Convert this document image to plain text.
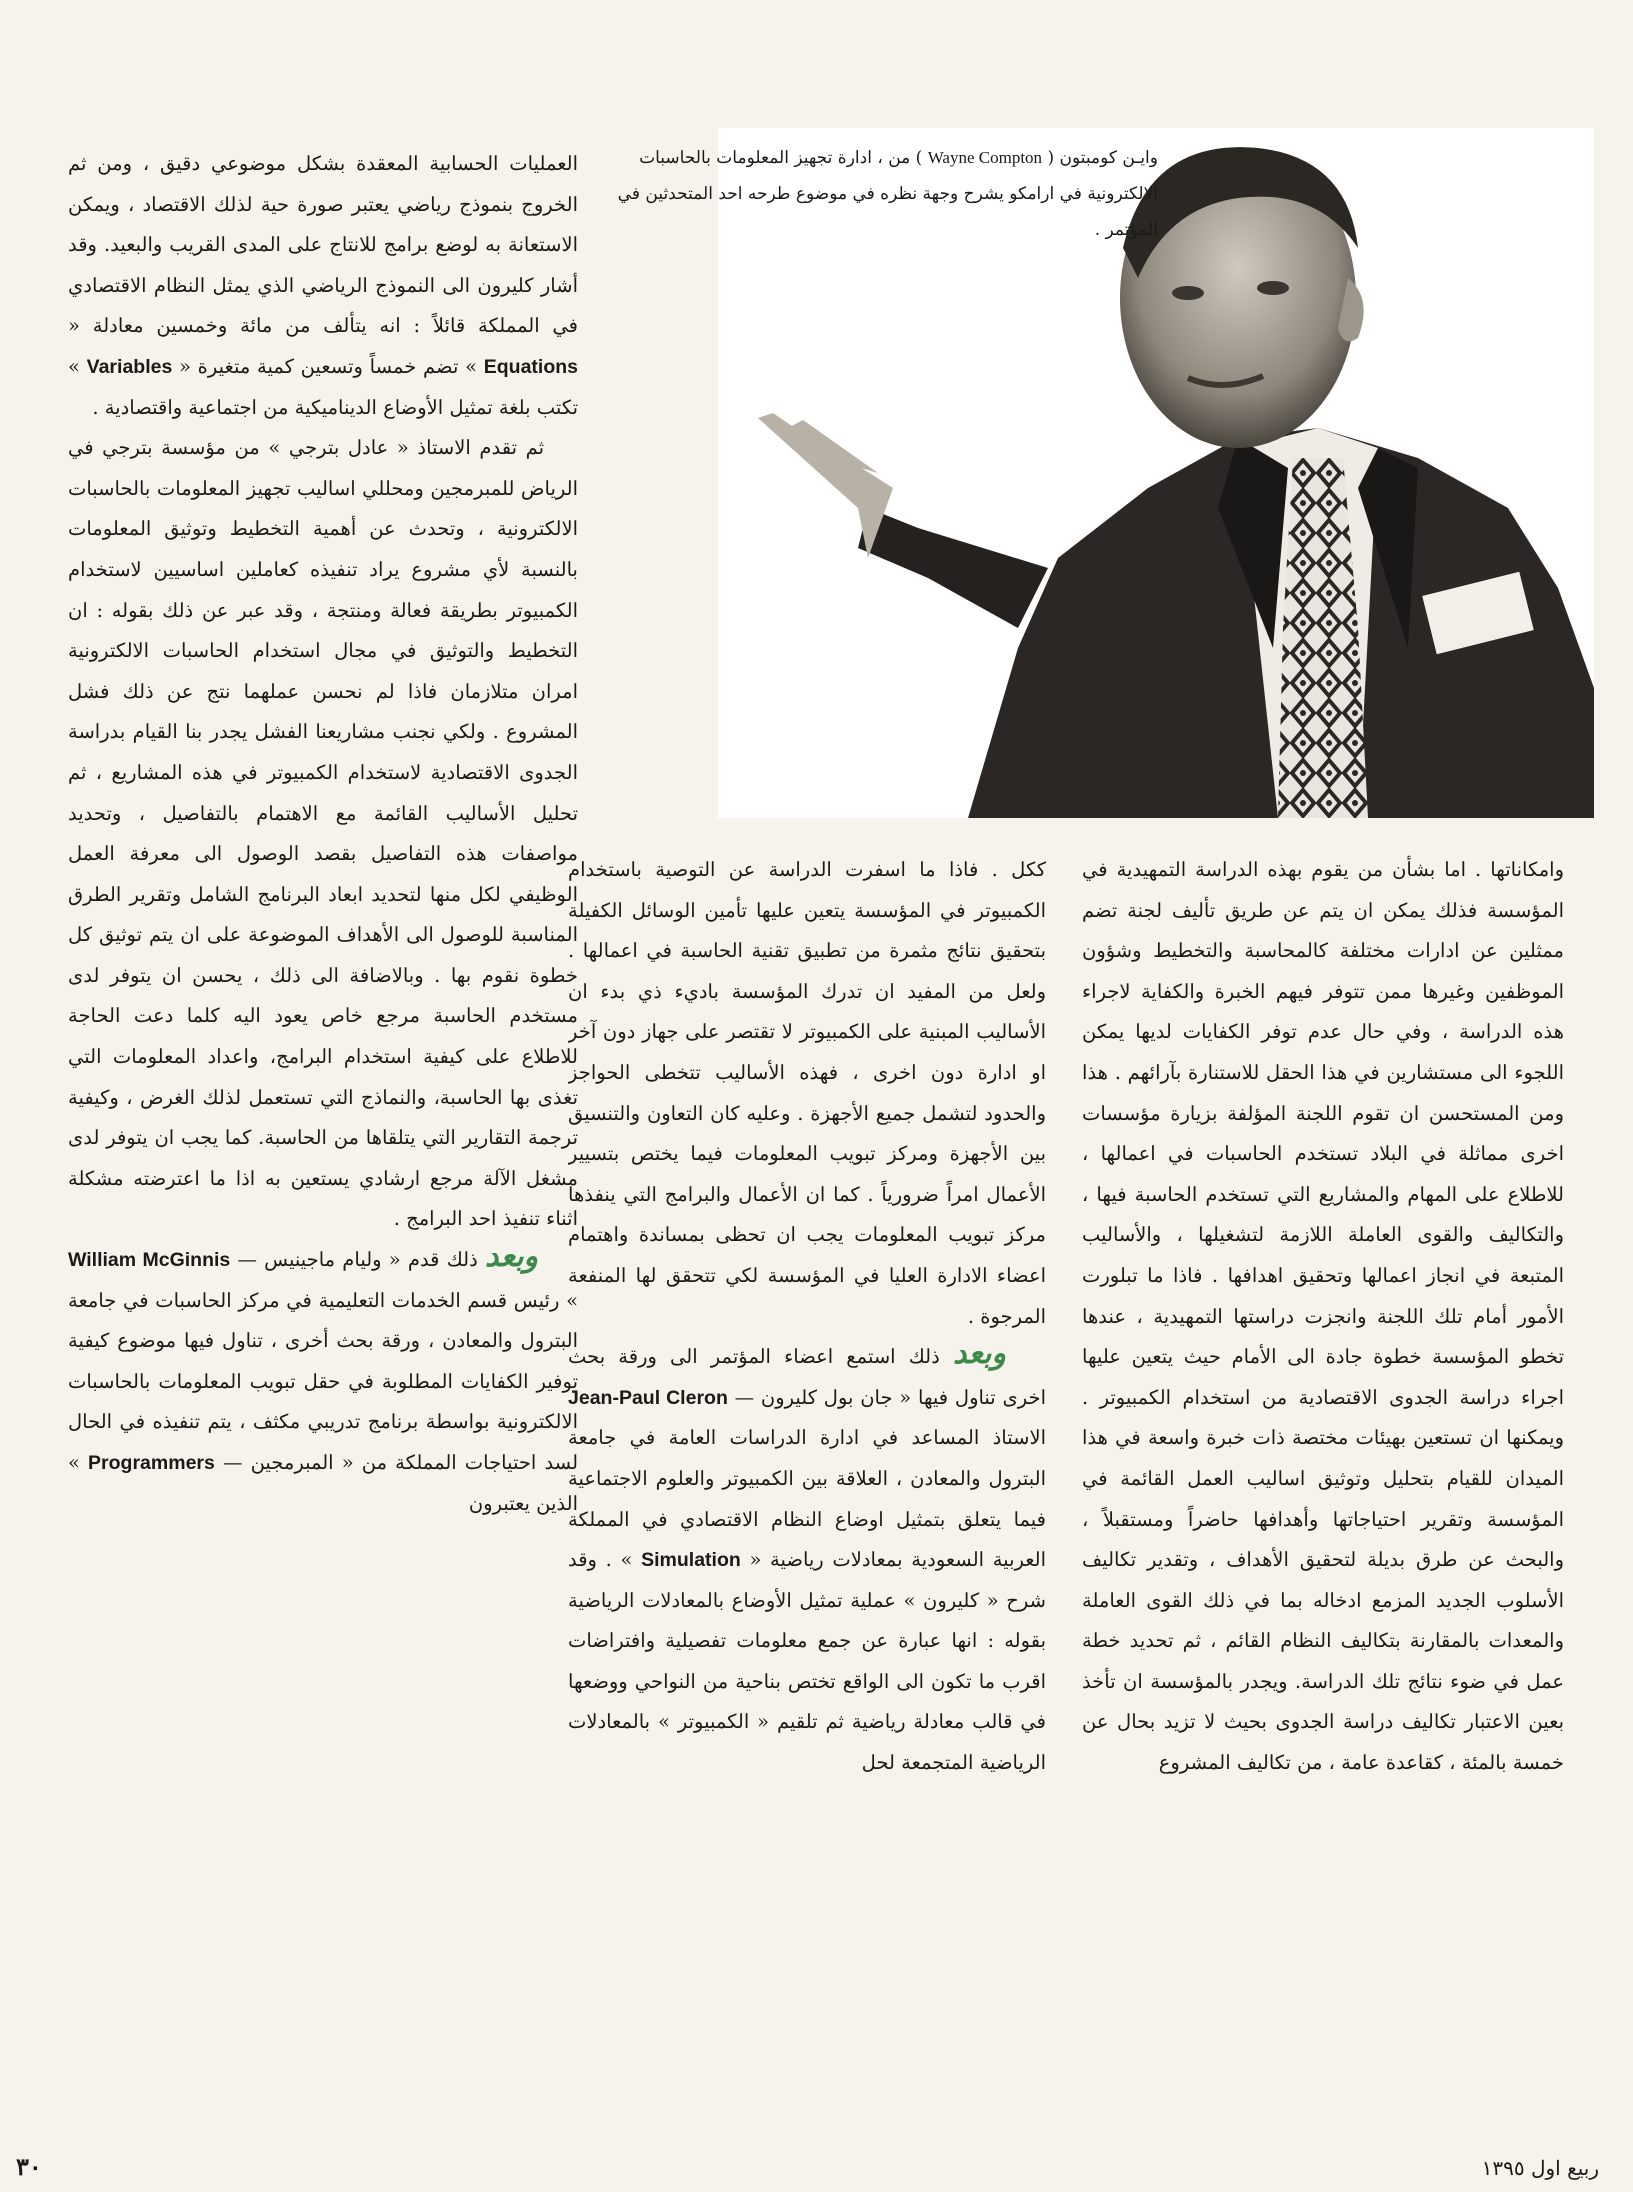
وايـن كومبتون ( Wayne Compton ) من ، ادارة تجهيز المعلومات بالحاسبات الالكترونية في ارامكو يشرح وجهة نظره في موضوع طرحه احد المتحدثين في المؤتمر .

العمليات الحسابية المعقدة بشكل موضوعي دقيق ، ومن ثم الخروج بنموذج رياضي يعتبر صورة حية لذلك الاقتصاد ، ويمكن الاستعانة به لوضع برامج للانتاج على المدى القريب والبعيد. وقد أشار كليرون الى النموذج الرياضي الذي يمثل النظام الاقتصادي في المملكة قائلاً : انه يتألف من مائة وخمسين معادلة « Equations » تضم خمساً وتسعين كمية متغيرة « Variables » تكتب بلغة تمثيل الأوضاع الديناميكية من اجتماعية واقتصادية .

ثم تقدم الاستاذ « عادل بترجي » من مؤسسة بترجي في الرياض للمبرمجين ومحللي اساليب تجهيز المعلومات بالحاسبات الالكترونية ، وتحدث عن أهمية التخطيط وتوثيق المعلومات بالنسبة لأي مشروع يراد تنفيذه كعاملين اساسيين لاستخدام الكمبيوتر بطريقة فعالة ومنتجة ، وقد عبر عن ذلك بقوله : ان التخطيط والتوثيق في مجال استخدام الحاسبات الالكترونية امران متلازمان فاذا لم نحسن عملهما نتج عن ذلك فشل المشروع . ولكي نجنب مشاريعنا الفشل يجدر بنا القيام بدراسة الجدوى الاقتصادية لاستخدام الكمبيوتر في هذه المشاريع ، ثم تحليل الأساليب القائمة مع الاهتمام بالتفاصيل ، وتحديد مواصفات هذه التفاصيل بقصد الوصول الى معرفة العمل الوظيفي لكل منها لتحديد ابعاد البرنامج الشامل وتقرير الطرق المناسبة للوصول الى الأهداف الموضوعة على ان يتم توثيق كل خطوة نقوم بها . وبالاضافة الى ذلك ، يحسن ان يتوفر لدى مستخدم الحاسبة مرجع خاص يعود اليه كلما دعت الحاجة للاطلاع على كيفية استخدام البرامج، واعداد المعلومات التي تغذى بها الحاسبة، والنماذج التي تستعمل لذلك الغرض ، وكيفية ترجمة التقارير التي يتلقاها من الحاسبة. كما يجب ان يتوفر لدى مشغل الآلة مرجع ارشادي يستعين به اذا ما اعترضته مشكلة اثناء تنفيذ احد البرامج .

وبعد ذلك قدم « وليام ماجينيس — William McGinnis » رئيس قسم الخدمات التعليمية في مركز الحاسبات في جامعة البترول والمعادن ، ورقة بحث أخرى ، تناول فيها موضوع كيفية توفير الكفايات المطلوبة في حقل تبويب المعلومات بالحاسبات الالكترونية بواسطة برنامج تدريبي مكثف ، يتم تنفيذه في الحال لسد احتياجات المملكة من « المبرمجين — Programmers » الذين يعتبرون

ككل . فاذا ما اسفرت الدراسة عن التوصية باستخدام الكمبيوتر في المؤسسة يتعين عليها تأمين الوسائل الكفيلة بتحقيق نتائج مثمرة من تطبيق تقنية الحاسبة في اعمالها . ولعل من المفيد ان تدرك المؤسسة باديء ذي بدء ان الأساليب المبنية على الكمبيوتر لا تقتصر على جهاز دون آخر او ادارة دون اخرى ، فهذه الأساليب تتخطى الحواجز والحدود لتشمل جميع الأجهزة . وعليه كان التعاون والتنسيق بين الأجهزة ومركز تبويب المعلومات فيما يختص بتسيير الأعمال امراً ضرورياً . كما ان الأعمال والبرامج التي ينفذها مركز تبويب المعلومات يجب ان تحظى بمساندة واهتمام اعضاء الادارة العليا في المؤسسة لكي تتحقق لها المنفعة المرجوة .

وبعد ذلك استمع اعضاء المؤتمر الى ورقة بحث اخرى تناول فيها « جان بول كليرون — Jean-Paul Cleron الاستاذ المساعد في ادارة الدراسات العامة في جامعة البترول والمعادن ، العلاقة بين الكمبيوتر والعلوم الاجتماعية فيما يتعلق بتمثيل اوضاع النظام الاقتصادي في المملكة العربية السعودية بمعادلات رياضية « Simulation » . وقد شرح « كليرون » عملية تمثيل الأوضاع بالمعادلات الرياضية بقوله : انها عبارة عن جمع معلومات تفصيلية وافتراضات اقرب ما تكون الى الواقع تختص بناحية من النواحي ووضعها في قالب معادلة رياضية ثم تلقيم « الكمبيوتر » بالمعادلات الرياضية المتجمعة لحل

وامكاناتها . اما بشأن من يقوم بهذه الدراسة التمهيدية في المؤسسة فذلك يمكن ان يتم عن طريق تأليف لجنة تضم ممثلين عن ادارات مختلفة كالمحاسبة والتخطيط وشؤون الموظفين وغيرها ممن تتوفر فيهم الخبرة والكفاية لاجراء هذه الدراسة ، وفي حال عدم توفر الكفايات لديها يمكن اللجوء الى مستشارين في هذا الحقل للاستنارة بآرائهم . هذا ومن المستحسن ان تقوم اللجنة المؤلفة بزيارة مؤسسات اخرى مماثلة في البلاد تستخدم الحاسبات في اعمالها ، للاطلاع على المهام والمشاريع التي تستخدم الحاسبة فيها ، والتكاليف والقوى العاملة اللازمة لتشغيلها ، والأساليب المتبعة في انجاز اعمالها وتحقيق اهدافها . فاذا ما تبلورت الأمور أمام تلك اللجنة وانجزت دراستها التمهيدية ، عندها تخطو المؤسسة خطوة جادة الى الأمام حيث يتعين عليها اجراء دراسة الجدوى الاقتصادية من استخدام الكمبيوتر . ويمكنها ان تستعين بهيئات مختصة ذات خبرة واسعة في هذا الميدان للقيام بتحليل وتوثيق اساليب العمل القائمة في المؤسسة وتقرير احتياجاتها وأهدافها حاضراً ومستقبلاً ، والبحث عن طرق بديلة لتحقيق الأهداف ، وتقدير تكاليف الأسلوب الجديد المزمع ادخاله بما في ذلك القوى العاملة والمعدات بالمقارنة بتكاليف النظام القائم ، ثم تحديد خطة عمل في ضوء نتائج تلك الدراسة. ويجدر بالمؤسسة ان تأخذ بعين الاعتبار تكاليف دراسة الجدوى بحيث لا تزيد بحال عن خمسة بالمئة ، كقاعدة عامة ، من تكاليف المشروع

ربيع اول ١٣٩٥
٣٠
